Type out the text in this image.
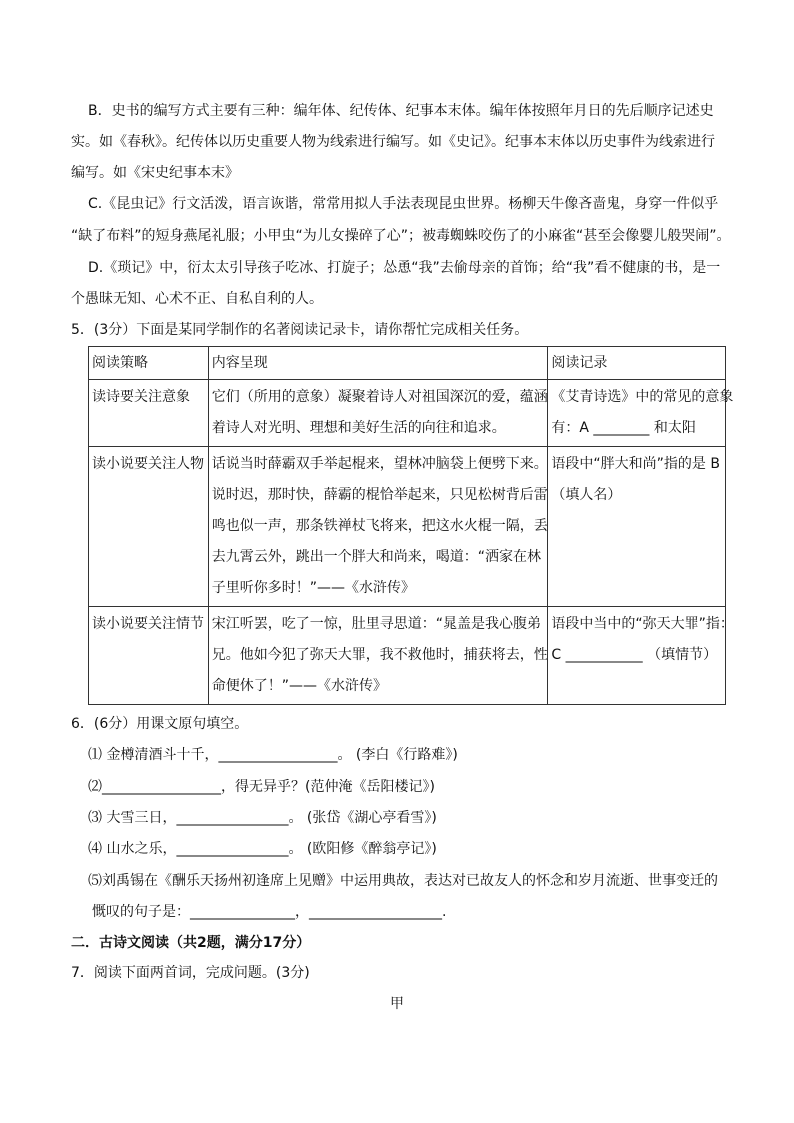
B．史书的编写方式主要有三种：编年体、纪传体、纪事本末体。编年体按照年月日的先后顺序记述史
实。如《春秋》。纪传体以历史重要人物为线索进行编写。如《史记》。纪事本末体以历史事件为线索进行
编写。如《宋史纪事本末》
C.《昆虫记》行文活泼，语言诙谐，常常用拟人手法表现昆虫世界。杨柳天牛像吝啬鬼，身穿一件似乎
“缺了布料”的短身燕尾礼服；小甲虫“为儿女操碎了心”；被毒蜘蛛咬伤了的小麻雀“甚至会像婴儿般哭闹”。
D.《琐记》中，衍太太引导孩子吃冰、打旋子；怂恿“我”去偷母亲的首饰；给“我”看不健康的书，是一
个愚昧无知、心术不正、自私自利的人。
5．(3分）下面是某同学制作的名著阅读记录卡，请你帮忙完成相关任务。
阅读策略	内容呈现	阅读记录
读诗要关注意象	它们（所用的意象）凝聚着诗人对祖国深沉的爱，蕴涵
着诗人对光明、理想和美好生活的向往和追求。	《艾青诗选》中的常见的意象
有：A ________ 和太阳

读小说要关注人物	话说当时薛霸双手举起棍来，望林冲脑袋上便劈下来。
说时迟，那时快，薛霸的棍恰举起来，只见松树背后雷
鸣也似一声，那条铁禅杖飞将来，把这水火棍一隔，丢
去九霄云外，跳出一个胖大和尚来，喝道：“洒家在林
子里听你多时！”——《水浒传》	语段中“胖大和尚”指的是 B
（填人名）

读小说要关注情节	宋江听罢，吃了一惊，肚里寻思道：“晁盖是我心腹弟
兄。他如今犯了弥天大罪，我不救他时，捕获将去，性
命便休了！”——《水浒传》	语段中当中的“弥天大罪”指：
C ___________ （填情节）
6．(6分）用课文原句填空。
⑴ 金樽清酒斗十千，_________________。 (李白《行路难》)
⑵_________________，得无异乎？(范仲淹《岳阳楼记》)
⑶ 大雪三日，________________。 (张岱《湖心亭看雪》)
⑷ 山水之乐，________________。 (欧阳修《醉翁亭记》)
⑸刘禹锡在《酬乐天扬州初逢席上见赠》中运用典故，表达对已故友人的怀念和岁月流逝、世事变迁的
慨叹的句子是：_______________，___________________.
二．古诗文阅读（共2题，满分17分）
7．阅读下面两首词，完成问题。(3分)
甲
